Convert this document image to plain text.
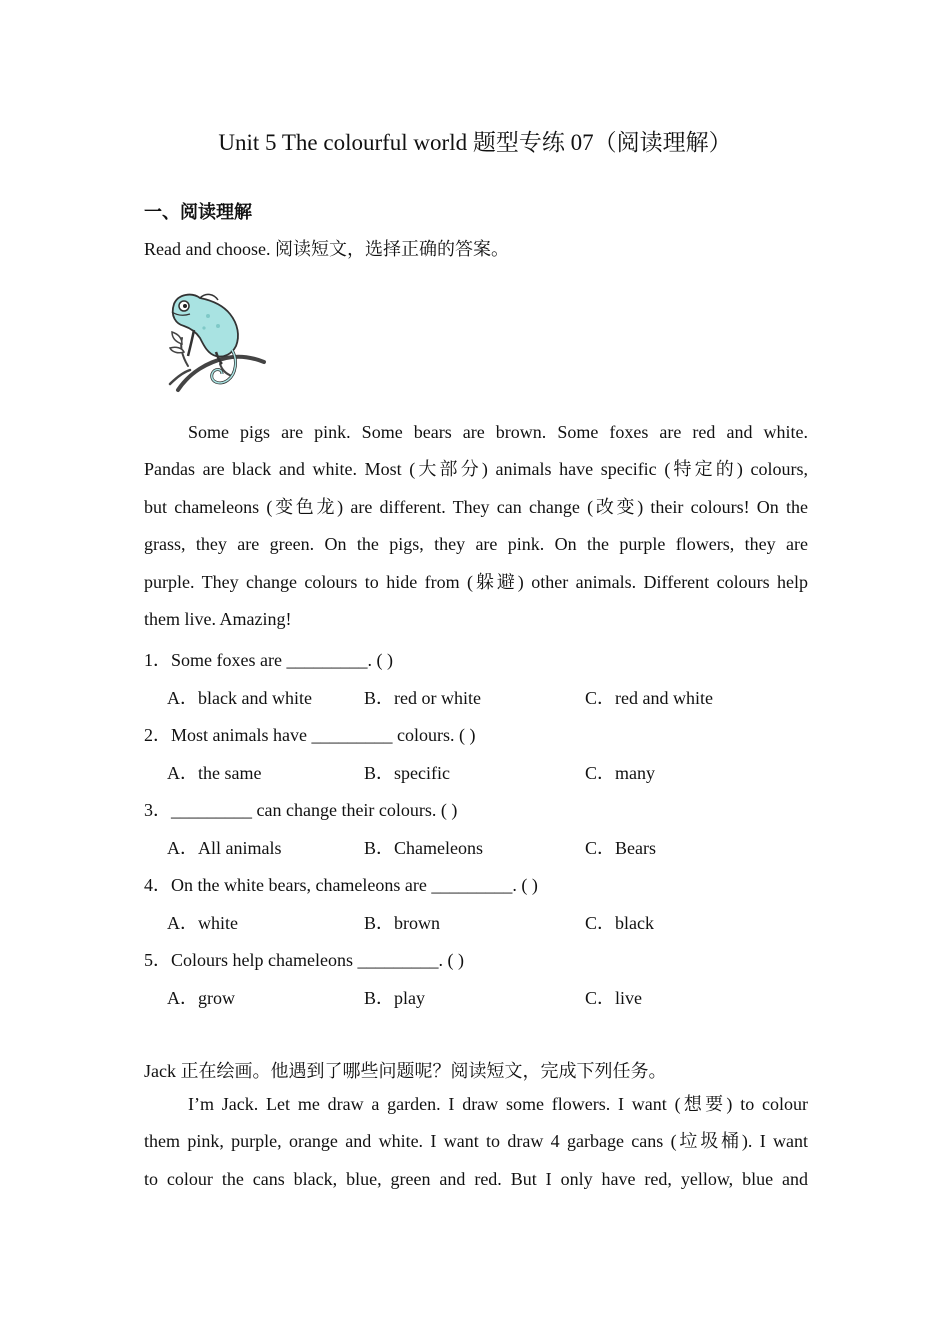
Unit 5 The colourful world 题型专练 07（阅读理解）
一、阅读理解
Read and choose. 阅读短文，选择正确的答案。
Some pigs are pink. Some bears are brown. Some foxes are red and white.
Pandas are black and white. Most (大部分) animals have specific (特定的) colours,
but chameleons (变色龙) are different. They can change (改变) their colours! On the
grass, they are green. On the pigs, they are pink. On the purple flowers, they are
purple. They change colours to hide from (躲避) other animals. Different colours help
them live. Amazing!
1．Some foxes are _________. ( )
A．black and white	B．red or white	C．red and white
2．Most animals have _________ colours. ( )
A．the same	B．specific	C．many
3．_________ can change their colours. ( )
A．All animals	B．Chameleons	C．Bears
4．On the white bears, chameleons are _________. ( )
A．white	B．brown	C．black
5．Colours help chameleons _________. ( )
A．grow	B．play	C．live
Jack 正在绘画。他遇到了哪些问题呢？阅读短文，完成下列任务。
I’m Jack. Let me draw a garden. I draw some flowers. I want (想要) to colour
them pink, purple, orange and white. I want to draw 4 garbage cans (垃圾桶). I want
to colour the cans black, blue, green and red. But I only have red, yellow, blue and
